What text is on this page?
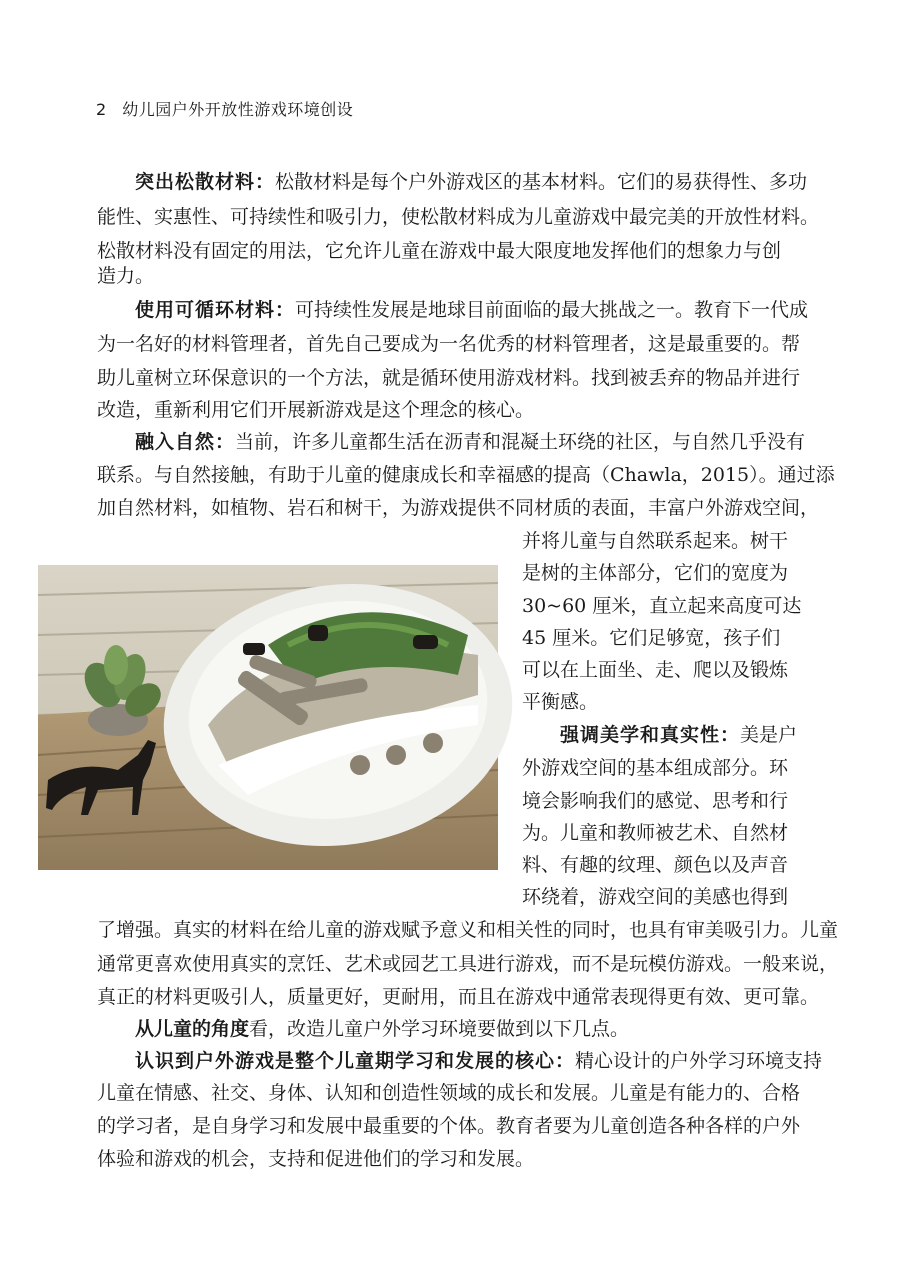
2 幼儿园户外开放性游戏环境创设
突出松散材料：松散材料是每个户外游戏区的基本材料。它们的易获得性、多功
能性、实惠性、可持续性和吸引力，使松散材料成为儿童游戏中最完美的开放性材料。
松散材料没有固定的用法，它允许儿童在游戏中最大限度地发挥他们的想象力与创
造力。
使用可循环材料：可持续性发展是地球目前面临的最大挑战之一。教育下一代成
为一名好的材料管理者，首先自己要成为一名优秀的材料管理者，这是最重要的。帮
助儿童树立环保意识的一个方法，就是循环使用游戏材料。找到被丢弃的物品并进行
改造，重新利用它们开展新游戏是这个理念的核心。
融入自然：当前，许多儿童都生活在沥青和混凝土环绕的社区，与自然几乎没有
联系。与自然接触，有助于儿童的健康成长和幸福感的提高（Chawla，2015）。通过添
加自然材料，如植物、岩石和树干，为游戏提供不同材质的表面，丰富户外游戏空间，
并将儿童与自然联系起来。树干
是树的主体部分，它们的宽度为
30~60 厘米，直立起来高度可达
45 厘米。它们足够宽，孩子们
可以在上面坐、走、爬以及锻炼
平衡感。
强调美学和真实性：美是户
外游戏空间的基本组成部分。环
境会影响我们的感觉、思考和行
为。儿童和教师被艺术、自然材
料、有趣的纹理、颜色以及声音
环绕着，游戏空间的美感也得到
了增强。真实的材料在给儿童的游戏赋予意义和相关性的同时，也具有审美吸引力。儿童
通常更喜欢使用真实的烹饪、艺术或园艺工具进行游戏，而不是玩模仿游戏。一般来说，
真正的材料更吸引人，质量更好，更耐用，而且在游戏中通常表现得更有效、更可靠。
从儿童的角度看，改造儿童户外学习环境要做到以下几点。
认识到户外游戏是整个儿童期学习和发展的核心：精心设计的户外学习环境支持
儿童在情感、社交、身体、认知和创造性领域的成长和发展。儿童是有能力的、合格
的学习者，是自身学习和发展中最重要的个体。教育者要为儿童创造各种各样的户外
体验和游戏的机会，支持和促进他们的学习和发展。
